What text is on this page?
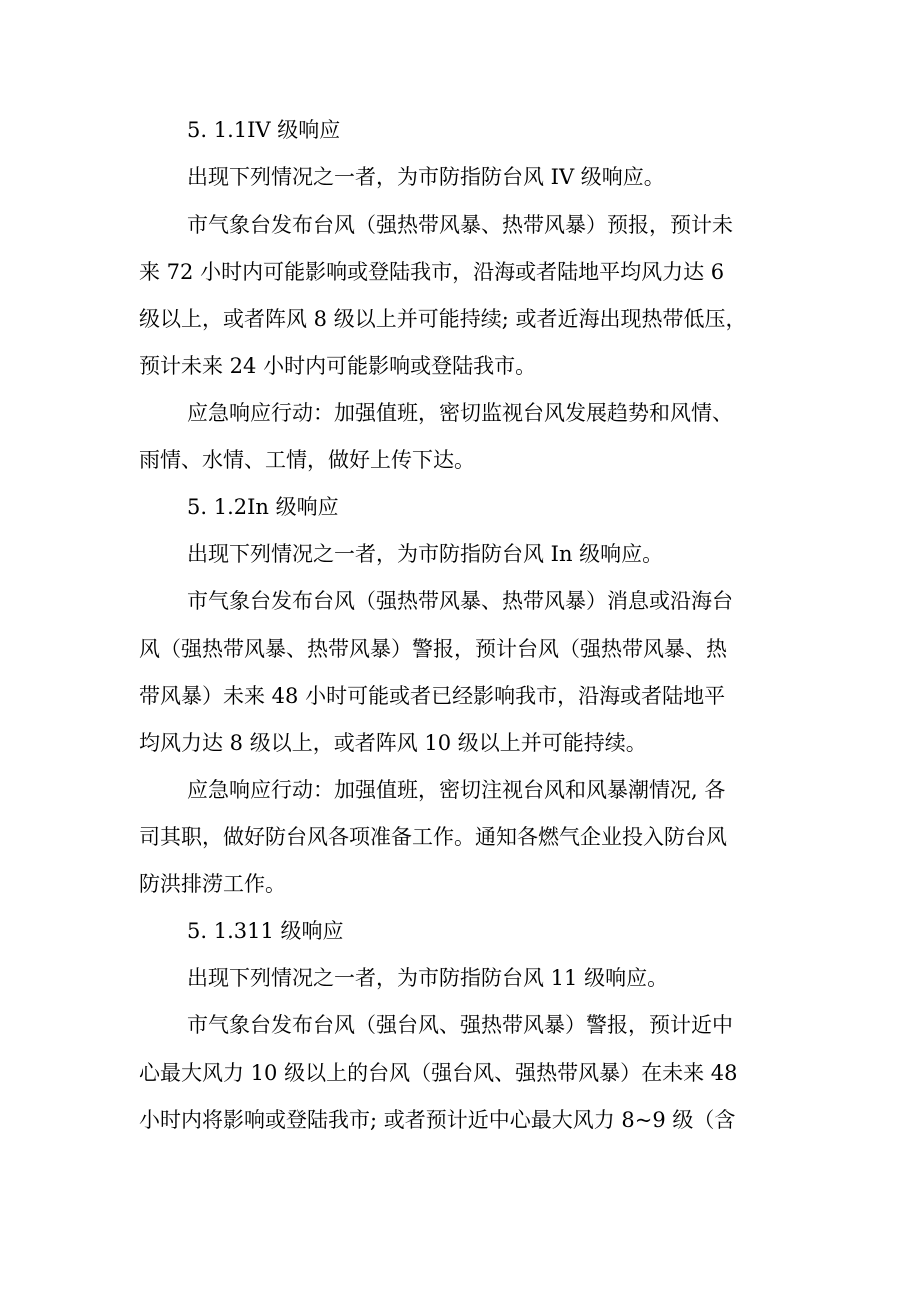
5. 1.1IV 级响应

出现下列情况之一者，为市防指防台风 IV 级响应。

市气象台发布台风（强热带风暴、热带风暴）预报，预计未

来 72 小时内可能影响或登陆我市，沿海或者陆地平均风力达 6

级以上，或者阵风 8 级以上并可能持续; 或者近海出现热带低压，

预计未来 24 小时内可能影响或登陆我市。

应急响应行动：加强值班，密切监视台风发展趋势和风情、

雨情、水情、工情，做好上传下达。

5. 1.2In 级响应

出现下列情况之一者，为市防指防台风 In 级响应。

市气象台发布台风（强热带风暴、热带风暴）消息或沿海台

风（强热带风暴、热带风暴）警报，预计台风（强热带风暴、热

带风暴）未来 48 小时可能或者已经影响我市，沿海或者陆地平

均风力达 8 级以上，或者阵风 10 级以上并可能持续。

应急响应行动：加强值班，密切注视台风和风暴潮情况, 各

司其职，做好防台风各项准备工作。通知各燃气企业投入防台风

防洪排涝工作。

5. 1.311 级响应

出现下列情况之一者，为市防指防台风 11 级响应。

市气象台发布台风（强台风、强热带风暴）警报，预计近中

心最大风力 10 级以上的台风（强台风、强热带风暴）在未来 48

小时内将影响或登陆我市; 或者预计近中心最大风力 8~9 级（含
